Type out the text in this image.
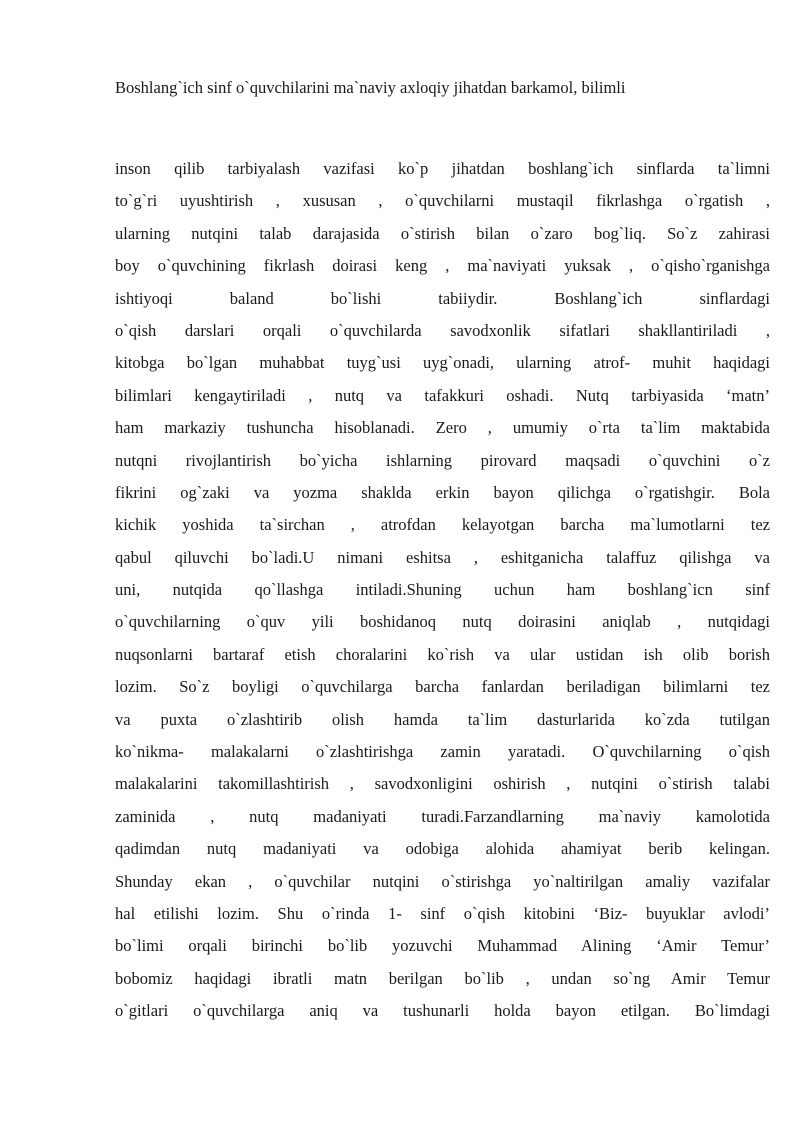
Boshlang`ich sinf o`quvchilarini ma`naviy axloqiy jihatdan barkamol, bilimli
inson qilib tarbiyalash vazifasi ko`p jihatdan boshlang`ich sinflarda ta`limni
to`g`ri uyushtirish , xususan , o`quvchilarni mustaqil fikrlashga o`rgatish ,
ularning nutqini talab darajasida o`stirish bilan o`zaro bog`liq. So`z zahirasi
boy o`quvchining fikrlash doirasi keng , ma`naviyati yuksak , o`qisho`rganishga
ishtiyoqi baland bo`lishi tabiiydir. Boshlang`ich sinflardagi
o`qish darslari orqali o`quvchilarda savodxonlik sifatlari shakllantiriladi ,
kitobga bo`lgan muhabbat tuyg`usi uyg`onadi, ularning atrof- muhit haqidagi
bilimlari kengaytiriladi , nutq va tafakkuri oshadi. Nutq tarbiyasida ‘matn’
ham markaziy tushuncha hisoblanadi. Zero , umumiy o`rta ta`lim maktabida
nutqni rivojlantirish bo`yicha ishlarning pirovard maqsadi o`quvchini o`z
fikrini og`zaki va yozma shaklda erkin bayon qilichga o`rgatishgir. Bola
kichik yoshida ta`sirchan , atrofdan kelayotgan barcha ma`lumotlarni tez
qabul qiluvchi bo`ladi.U nimani eshitsa , eshitganicha talaffuz qilishga va
uni, nutqida qo`llashga intiladi.Shuning uchun ham boshlang`icn sinf
o`quvchilarning o`quv yili boshidanoq nutq doirasini aniqlab , nutqidagi
nuqsonlarni bartaraf etish choralarini ko`rish va ular ustidan ish olib borish
lozim. So`z boyligi o`quvchilarga barcha fanlardan beriladigan bilimlarni tez
va puxta o`zlashtirib olish hamda ta`lim dasturlarida ko`zda tutilgan
ko`nikma- malakalarni o`zlashtirishga zamin yaratadi. O`quvchilarning o`qish
malakalarini takomillashtirish , savodxonligini oshirish , nutqini o`stirish talabi
zaminida , nutq madaniyati turadi.Farzandlarning ma`naviy kamolotida
qadimdan nutq madaniyati va odobiga alohida ahamiyat berib kelingan.
Shunday ekan , o`quvchilar nutqini o`stirishga yo`naltirilgan amaliy vazifalar
hal etilishi lozim. Shu o`rinda 1- sinf o`qish kitobini ‘Biz- buyuklar avlodi’
bo`limi orqali birinchi bo`lib yozuvchi Muhammad Alining ‘Amir Temur’
bobomiz haqidagi ibratli matn berilgan bo`lib , undan so`ng Amir Temur
o`gitlari o`quvchilarga aniq va tushunarli holda bayon etilgan. Bo`limdagi
